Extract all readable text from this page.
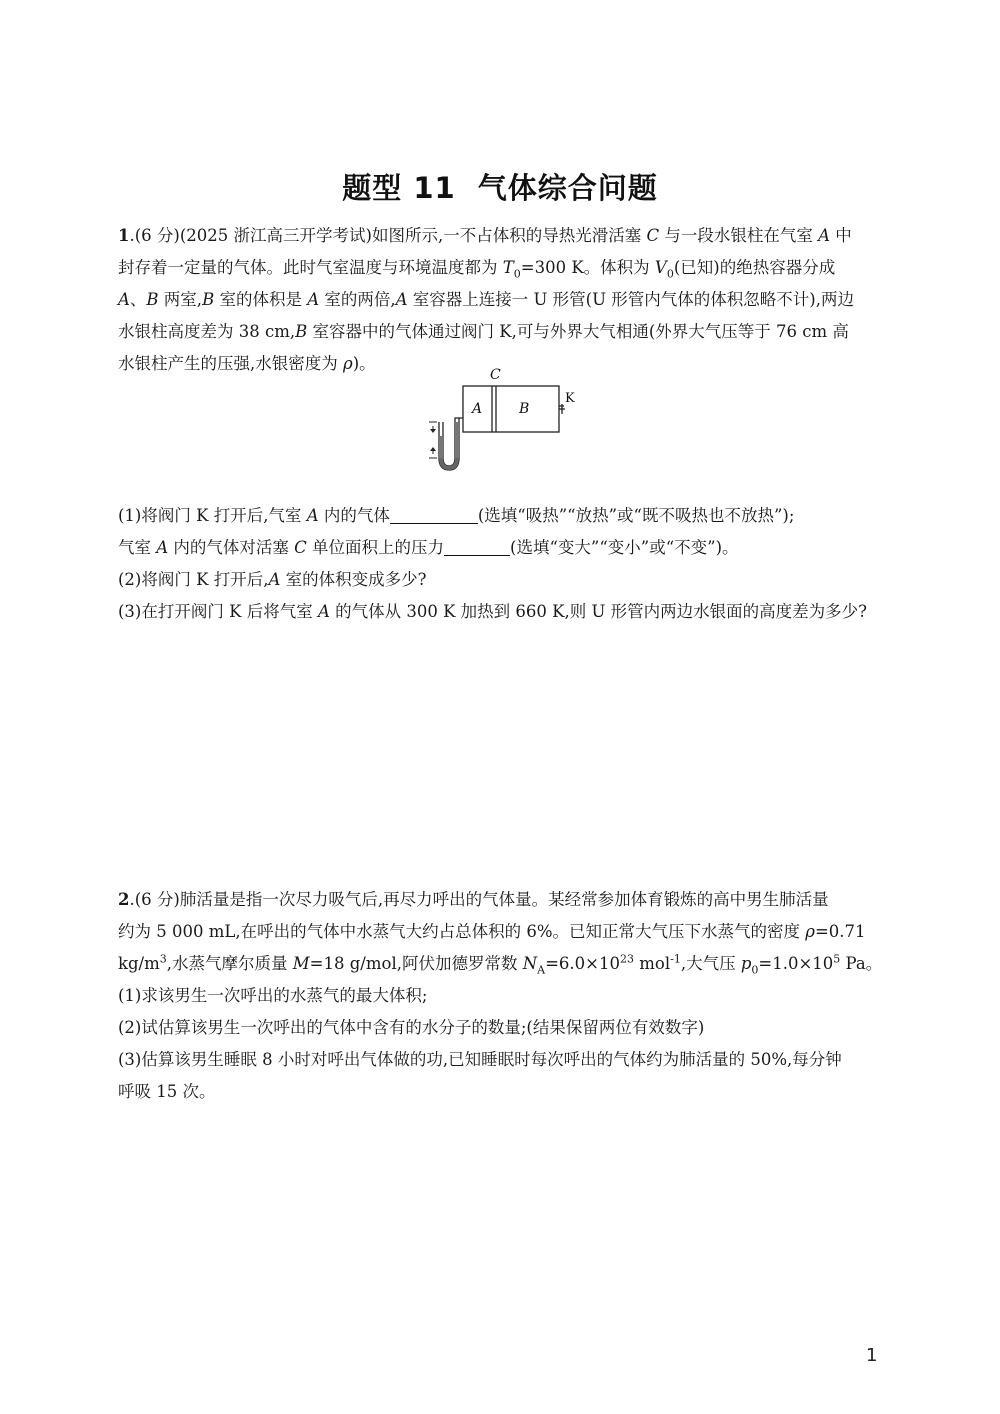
题型 11 气体综合问题
1.(6 分)(2025 浙江高三开学考试)如图所示,一不占体积的导热光滑活塞 C 与一段水银柱在气室 A 中
封存着一定量的气体。此时气室温度与环境温度都为 $T_0=300$ K。体积为 $V_0$(已知)的绝热容器分成
A、B 两室,B 室的体积是 A 室的两倍,A 室容器上连接一 U 形管(U 形管内气体的体积忽略不计),两边
水银柱高度差为 38 cm,B 室容器中的气体通过阀门 K,可与外界大气相通(外界大气压等于 76 cm 高
水银柱产生的压强,水银密度为 ρ)。
(1)将阀门 K 打开后,气室 A 内的气体	(选填“吸热”“放热”或“既不吸热也不放热”);
气室 A 内的气体对活塞 C 单位面积上的压力	(选填“变大”“变小”或“不变”)。
(2)将阀门 K 打开后,A 室的体积变成多少?
(3)在打开阀门 K 后将气室 A 的气体从 300 K 加热到 660 K,则 U 形管内两边水银面的高度差为多少?
C
A	B
K
2.(6 分)肺活量是指一次尽力吸气后,再尽力呼出的气体量。某经常参加体育锻炼的高中男生肺活量
约为 5 000 mL,在呼出的气体中水蒸气大约占总体积的 6%。已知正常大气压下水蒸气的密度 ρ=0.71
$kg/m^3$,水蒸气摩尔质量 M=18 g/mol,阿伏加德罗常数 $N_A=6.0\times 10^{23}$ mol$^{-1}$,大气压 $p_0=1.0\times 10^5$ Pa。
(1)求该男生一次呼出的水蒸气的最大体积;
(2)试估算该男生一次呼出的气体中含有的水分子的数量;(结果保留两位有效数字)
(3)估算该男生睡眠 8 小时对呼出气体做的功,已知睡眠时每次呼出的气体约为肺活量的 50%,每分钟
呼吸 15 次。
1
